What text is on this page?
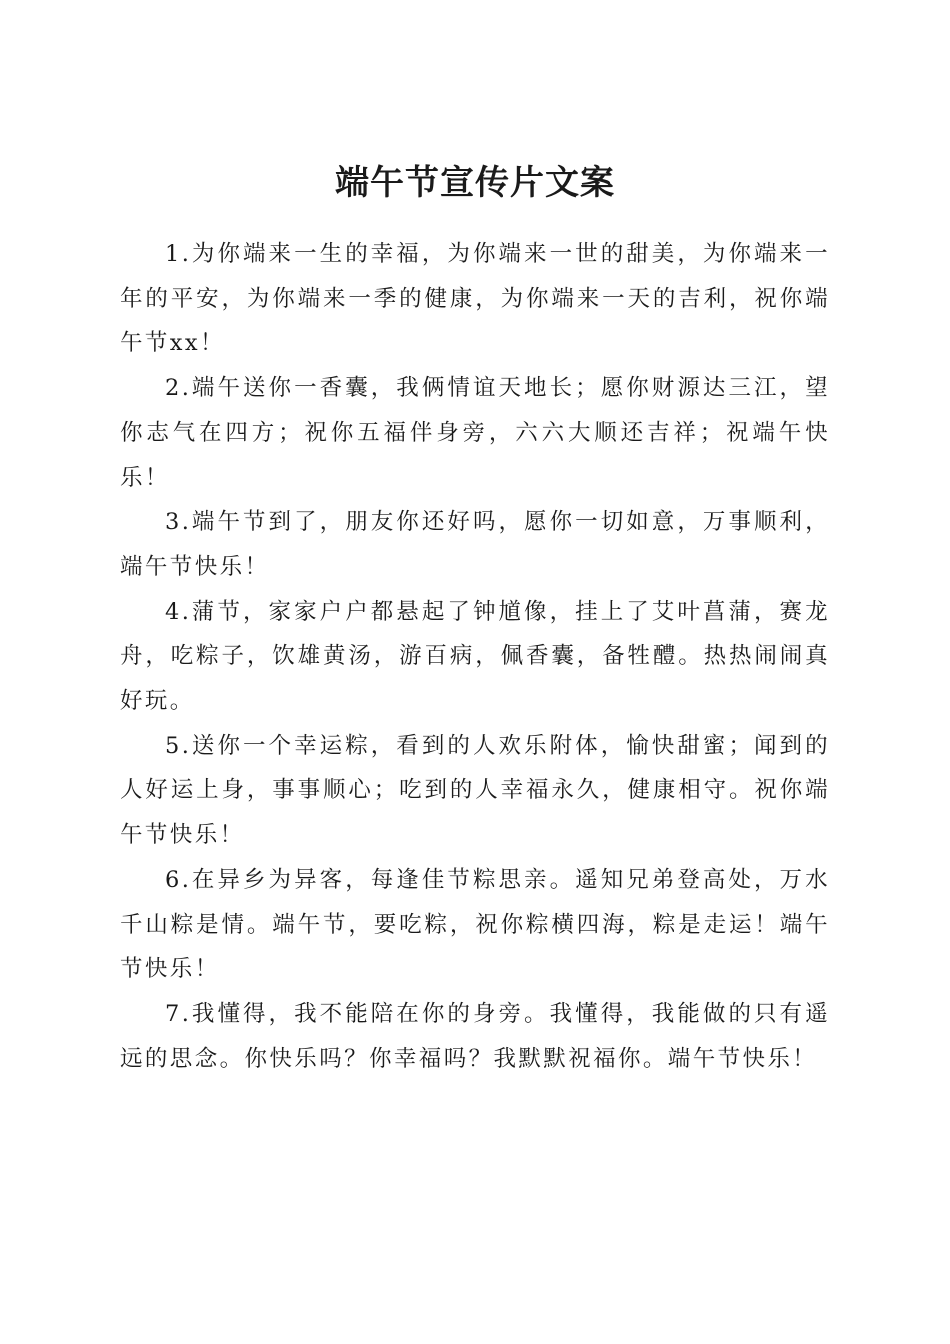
端午节宣传片文案

1.为你端来一生的幸福，为你端来一世的甜美，为你端来一年的平安，为你端来一季的健康，为你端来一天的吉利，祝你端午节xx！

2.端午送你一香囊，我俩情谊天地长；愿你财源达三江，望你志气在四方；祝你五福伴身旁，六六大顺还吉祥；祝端午快乐！

3.端午节到了，朋友你还好吗，愿你一切如意，万事顺利，端午节快乐！

4.蒲节，家家户户都悬起了钟馗像，挂上了艾叶菖蒲，赛龙舟，吃粽子，饮雄黄汤，游百病，佩香囊，备牲醴。热热闹闹真好玩。

5.送你一个幸运粽，看到的人欢乐附体，愉快甜蜜；闻到的人好运上身，事事顺心；吃到的人幸福永久，健康相守。祝你端午节快乐！

6.在异乡为异客，每逢佳节粽思亲。遥知兄弟登高处，万水千山粽是情。端午节，要吃粽，祝你粽横四海，粽是走运！端午节快乐！

7.我懂得，我不能陪在你的身旁。我懂得，我能做的只有遥远的思念。你快乐吗？你幸福吗？我默默祝福你。端午节快乐！
